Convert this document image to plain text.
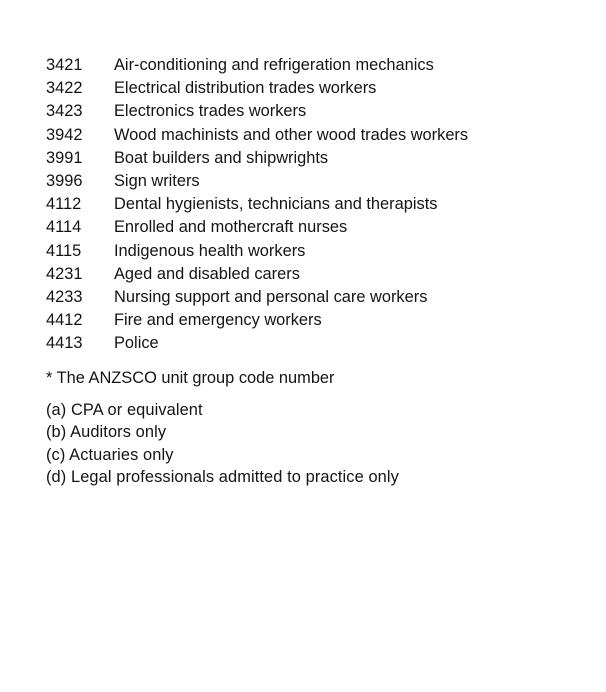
3421	Air-conditioning and refrigeration mechanics
3422	Electrical distribution trades workers
3423	Electronics trades workers
3942	Wood machinists and other wood trades workers
3991	Boat builders and shipwrights
3996	Sign writers
4112	Dental hygienists, technicians and therapists
4114	Enrolled and mothercraft nurses
4115	Indigenous health workers
4231	Aged and disabled carers
4233	Nursing support and personal care workers
4412	Fire and emergency workers
4413	Police
* The ANZSCO unit group code number
(a) CPA or equivalent
(b) Auditors only
(c) Actuaries only
(d) Legal professionals admitted to practice only
